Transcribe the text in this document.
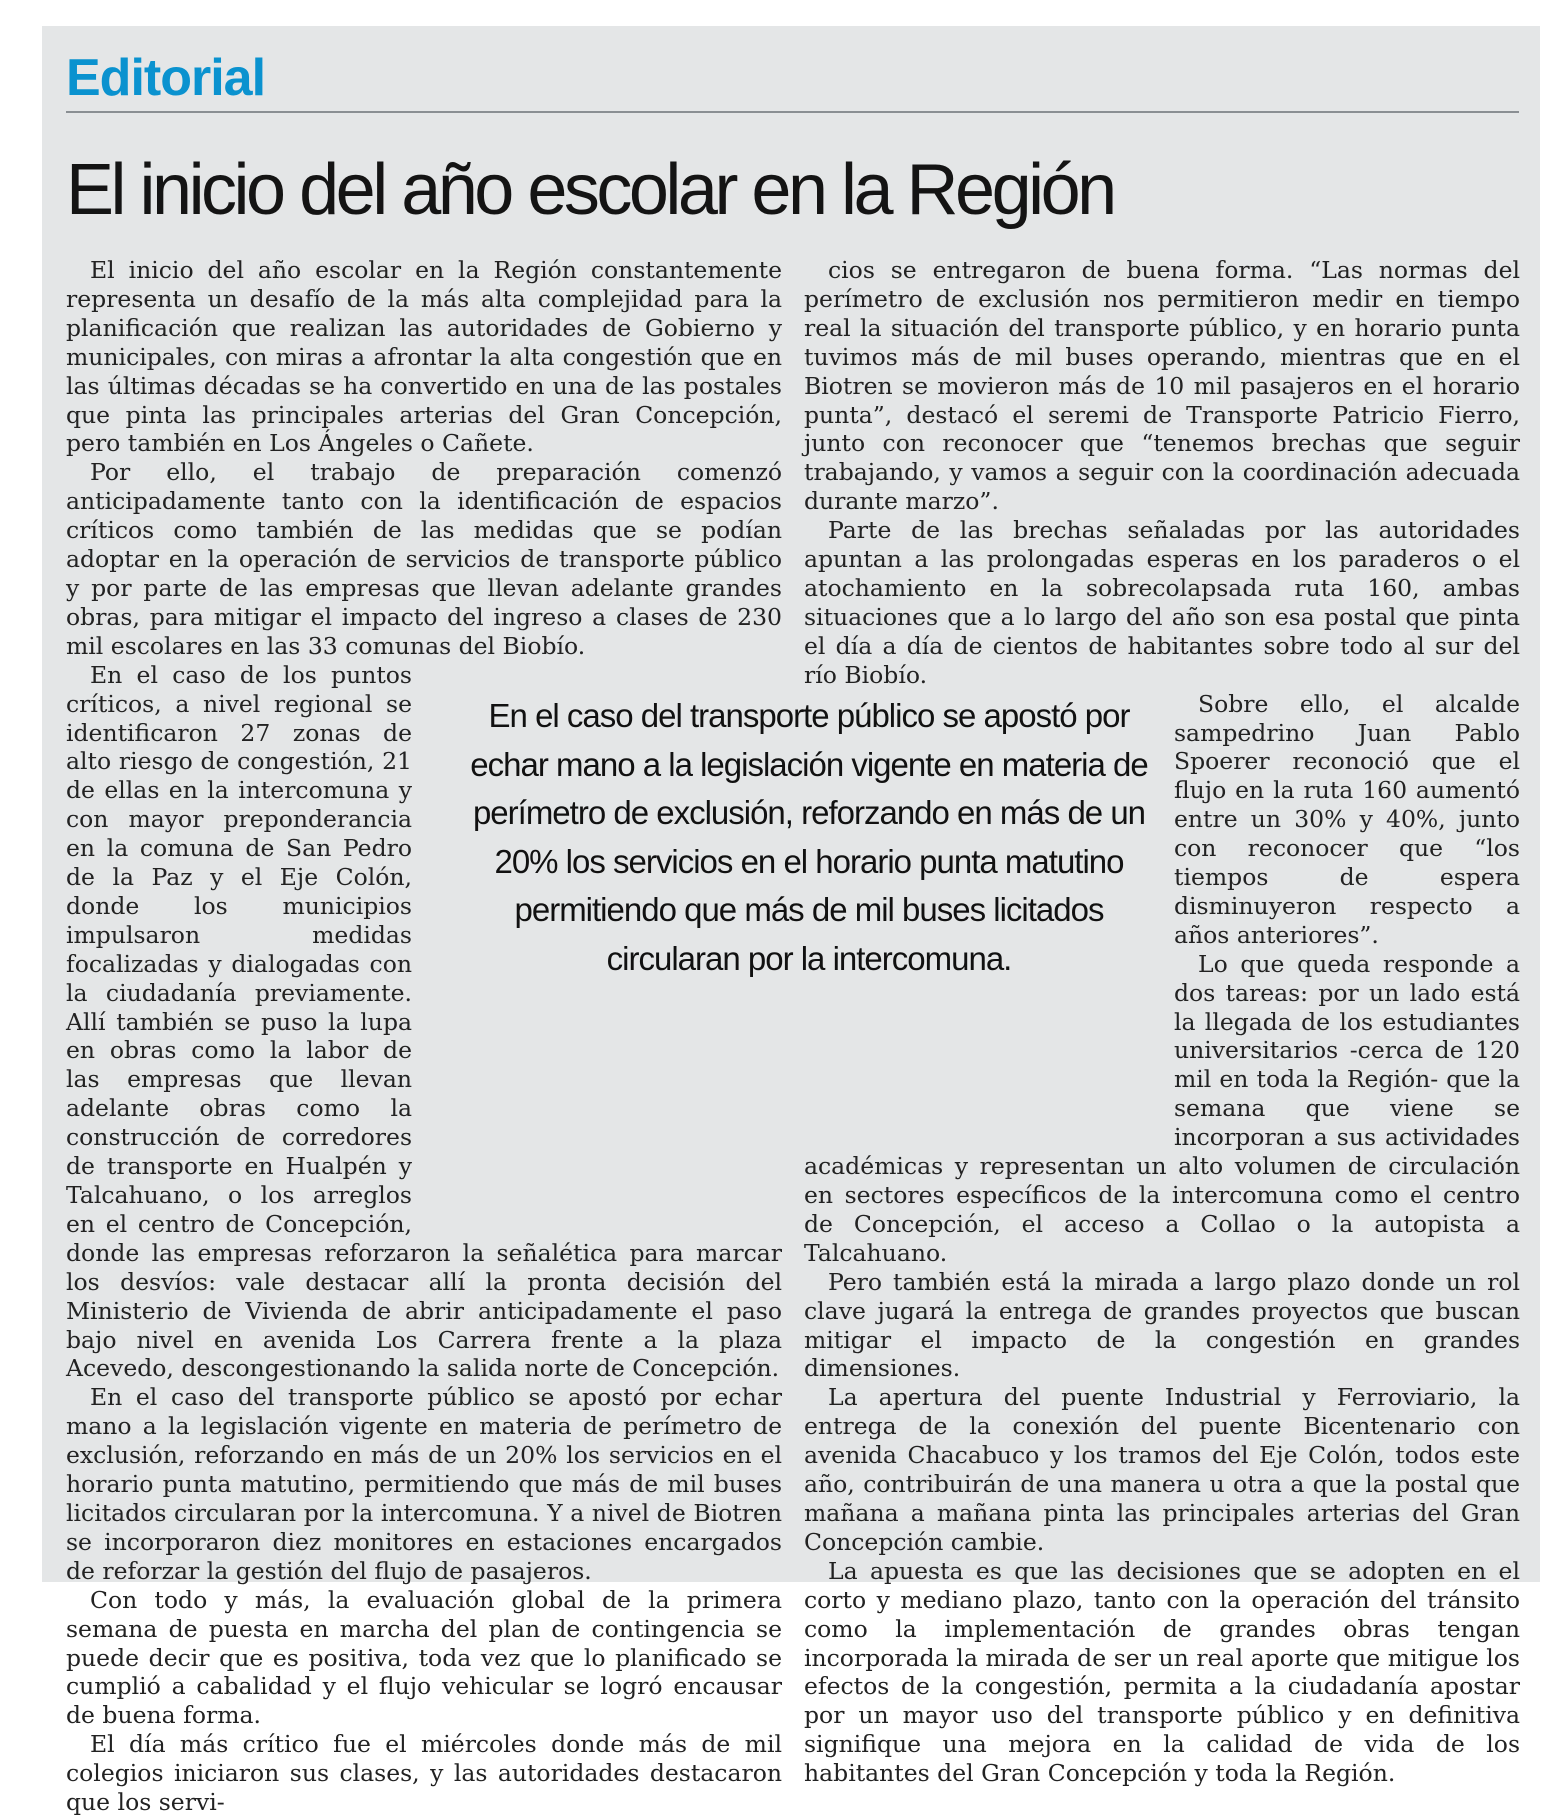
Editorial
El inicio del año escolar en la Región

El inicio del año escolar en la Región constantemente representa un desafío de la más alta complejidad para la planificación que realizan las autoridades de Gobierno y municipales, con miras a afrontar la alta congestión que en las últimas décadas se ha convertido en una de las postales que pinta las principales arterias del Gran Concepción, pero también en Los Ángeles o Cañete.

Por ello, el trabajo de preparación comenzó anticipadamente tanto con la identificación de espacios críticos como también de las medidas que se podían adoptar en la operación de servicios de transporte público y por parte de las empresas que llevan adelante grandes obras, para mitigar el impacto del ingreso a clases de 230 mil escolares en las 33 comunas del Biobío.

En el caso de los puntos críticos, a nivel regional se identificaron 27 zonas de alto riesgo de congestión, 21 de ellas en la intercomuna y con mayor preponderancia en la comuna de San Pedro de la Paz y el Eje Colón, donde los municipios impulsaron medidas focalizadas y dialogadas con la ciudadanía previamente. Allí también se puso la lupa en obras como la labor de las empresas que llevan adelante obras como la construcción de corredores de transporte en Hualpén y Talcahuano, o los arreglos en el centro de Concepción, donde las empresas reforzaron la señalética para marcar los desvíos: vale destacar allí la pronta decisión del Ministerio de Vivienda de abrir anticipadamente el paso bajo nivel en avenida Los Carrera frente a la plaza Acevedo, descongestionando la salida norte de Concepción.

En el caso del transporte público se apostó por echar mano a la legislación vigente en materia de perímetro de exclusión, reforzando en más de un 20% los servicios en el horario punta matutino, permitiendo que más de mil buses licitados circularan por la intercomuna. Y a nivel de Biotren se incorporaron diez monitores en estaciones encargados de reforzar la gestión del flujo de pasajeros.

Con todo y más, la evaluación global de la primera semana de puesta en marcha del plan de contingencia se puede decir que es positiva, toda vez que lo planificado se cumplió a cabalidad y el flujo vehicular se logró encausar de buena forma.

El día más crítico fue el miércoles donde más de mil colegios iniciaron sus clases, y las autoridades destacaron que los servi-

cios se entregaron de buena forma. “Las normas del perímetro de exclusión nos permitieron medir en tiempo real la situación del transporte público, y en horario punta tuvimos más de mil buses operando, mientras que en el Biotren se movieron más de 10 mil pasajeros en el horario punta”, destacó el seremi de Transporte Patricio Fierro, junto con reconocer que “tenemos brechas que seguir trabajando, y vamos a seguir con la coordinación adecuada durante marzo”.

Parte de las brechas señaladas por las autoridades apuntan a las prolongadas esperas en los paraderos o el atochamiento en la sobrecolapsada ruta 160, ambas situaciones que a lo largo del año son esa postal que pinta el día a día de cientos de habitantes sobre todo al sur del río Biobío.

Sobre ello, el alcalde sampedrino Juan Pablo Spoerer reconoció que el flujo en la ruta 160 aumentó entre un 30% y 40%, junto con reconocer que “los tiempos de espera disminuyeron respecto a años anteriores”.

Lo que queda responde a dos tareas: por un lado está la llegada de los estudiantes universitarios -cerca de 120 mil en toda la Región- que la semana que viene se incorporan a sus actividades académicas y representan un alto volumen de circulación en sectores específicos de la intercomuna como el centro de Concepción, el acceso a Collao o la autopista a Talcahuano.

Pero también está la mirada a largo plazo donde un rol clave jugará la entrega de grandes proyectos que buscan mitigar el impacto de la congestión en grandes dimensiones.

La apertura del puente Industrial y Ferroviario, la entrega de la conexión del puente Bicentenario con avenida Chacabuco y los tramos del Eje Colón, todos este año, contribuirán de una manera u otra a que la postal que mañana a mañana pinta las principales arterias del Gran Concepción cambie.

La apuesta es que las decisiones que se adopten en el corto y mediano plazo, tanto con la operación del tránsito como la implementación de grandes obras tengan incorporada la mirada de ser un real aporte que mitigue los efectos de la congestión, permita a la ciudadanía apostar por un mayor uso del transporte público y en definitiva signifique una mejora en la calidad de vida de los habitantes del Gran Concepción y toda la Región.

En el caso del transporte público se apostó por echar mano a la legislación vigente en materia de perímetro de exclusión, reforzando en más de un 20% los servicios en el horario punta matutino permitiendo que más de mil buses licitados circularan por la intercomuna.
